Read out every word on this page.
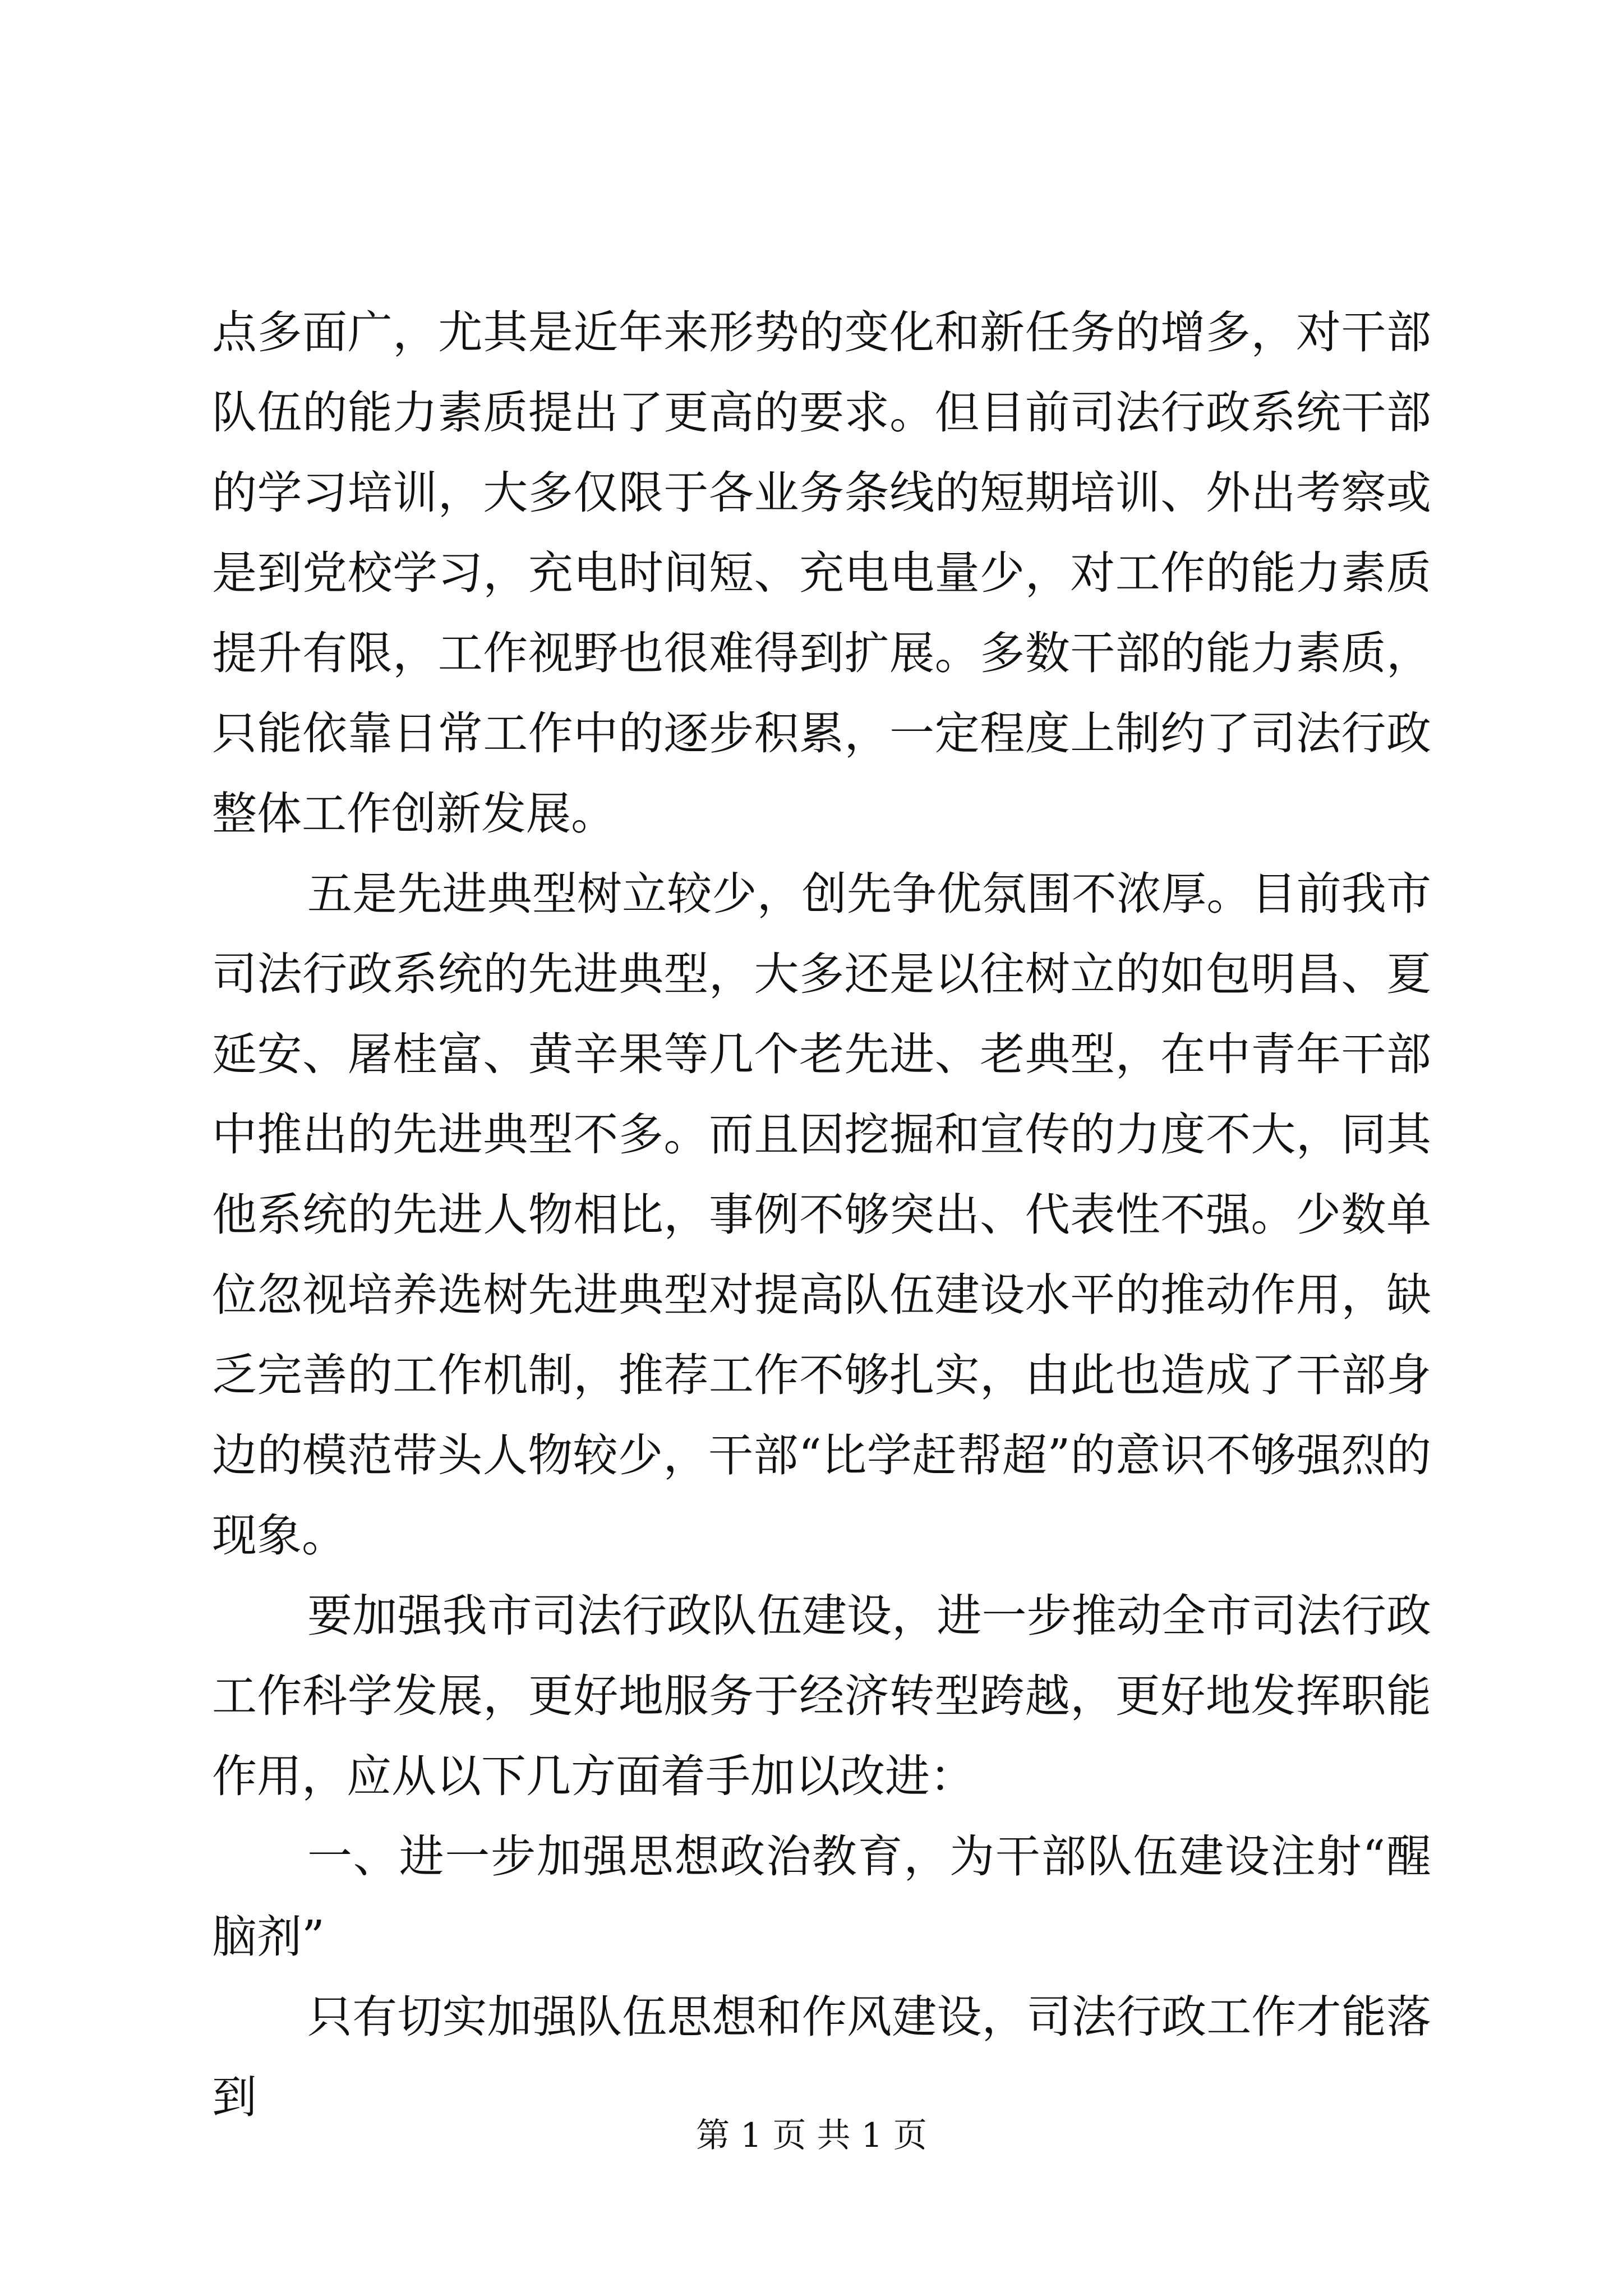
点多面广，尤其是近年来形势的变化和新任务的增多，对干部队伍的能力素质提出了更高的要求。但目前司法行政系统干部的学习培训，大多仅限于各业务条线的短期培训、外出考察或是到党校学习，充电时间短、充电电量少，对工作的能力素质提升有限，工作视野也很难得到扩展。多数干部的能力素质，只能依靠日常工作中的逐步积累，一定程度上制约了司法行政整体工作创新发展。

五是先进典型树立较少，创先争优氛围不浓厚。目前我市司法行政系统的先进典型，大多还是以往树立的如包明昌、夏延安、屠桂富、黄辛果等几个老先进、老典型，在中青年干部中推出的先进典型不多。而且因挖掘和宣传的力度不大，同其他系统的先进人物相比，事例不够突出、代表性不强。少数单位忽视培养选树先进典型对提高队伍建设水平的推动作用，缺乏完善的工作机制，推荐工作不够扎实，由此也造成了干部身边的模范带头人物较少，干部“比学赶帮超”的意识不够强烈的现象。

要加强我市司法行政队伍建设，进一步推动全市司法行政工作科学发展，更好地服务于经济转型跨越，更好地发挥职能作用，应从以下几方面着手加以改进：

一、进一步加强思想政治教育，为干部队伍建设注射“醒脑剂”

只有切实加强队伍思想和作风建设，司法行政工作才能落到

第 1 页 共 1 页
